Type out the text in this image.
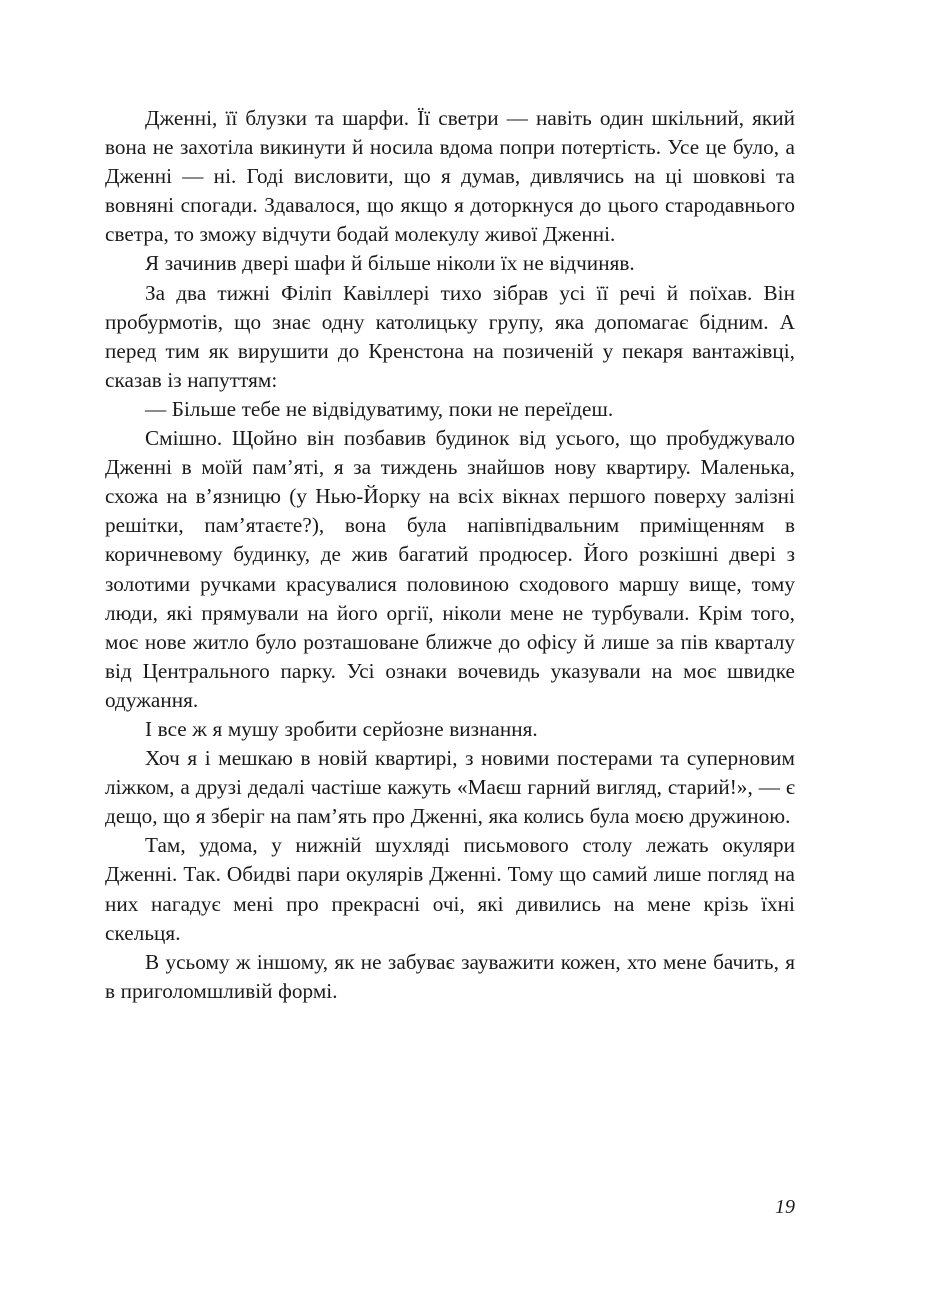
Дженні, її блузки та шарфи. Її светри — навіть один шкільний, який вона не захотіла викинути й носила вдома попри потертість. Усе це було, а Дженні — ні. Годі висловити, що я думав, дивлячись на ці шовкові та вовняні спогади. Здавалося, що якщо я доторкнуся до цього стародавнього светра, то зможу відчути бодай молекулу живої Дженні.

Я зачинив двері шафи й більше ніколи їх не відчиняв.

За два тижні Філіп Кавіллері тихо зібрав усі її речі й поїхав. Він пробурмотів, що знає одну католицьку групу, яка допомагає бідним. А перед тим як вирушити до Кренстона на позиченій у пекаря вантажівці, сказав із напуттям:

— Більше тебе не відвідуватиму, поки не переїдеш.

Смішно. Щойно він позбавив будинок від усього, що пробуджувало Дженні в моїй пам’яті, я за тиждень знайшов нову квартиру. Маленька, схожа на в’язницю (у Нью-Йорку на всіх вікнах першого поверху залізні решітки, пам’ятаєте?), вона була напівпідвальним приміщенням в коричневому будинку, де жив багатий продюсер. Його розкішні двері з золотими ручками красувалися половиною сходового маршу вище, тому люди, які прямували на його оргії, ніколи мене не турбували. Крім того, моє нове житло було розташоване ближче до офісу й лише за пів кварталу від Центрального парку. Усі ознаки вочевидь указували на моє швидке одужання.

І все ж я мушу зробити серйозне визнання.

Хоч я і мешкаю в новій квартирі, з новими постерами та суперновим ліжком, а друзі дедалі частіше кажуть «Маєш гарний вигляд, старий!», — є дещо, що я зберіг на пам’ять про Дженні, яка колись була моєю дружиною.

Там, удома, у нижній шухляді письмового столу лежать окуляри Дженні. Так. Обидві пари окулярів Дженні. Тому що самий лише погляд на них нагадує мені про прекрасні очі, які дивились на мене крізь їхні скельця.

В усьому ж іншому, як не забуває зауважити кожен, хто мене бачить, я в приголомшливій формі.

19
